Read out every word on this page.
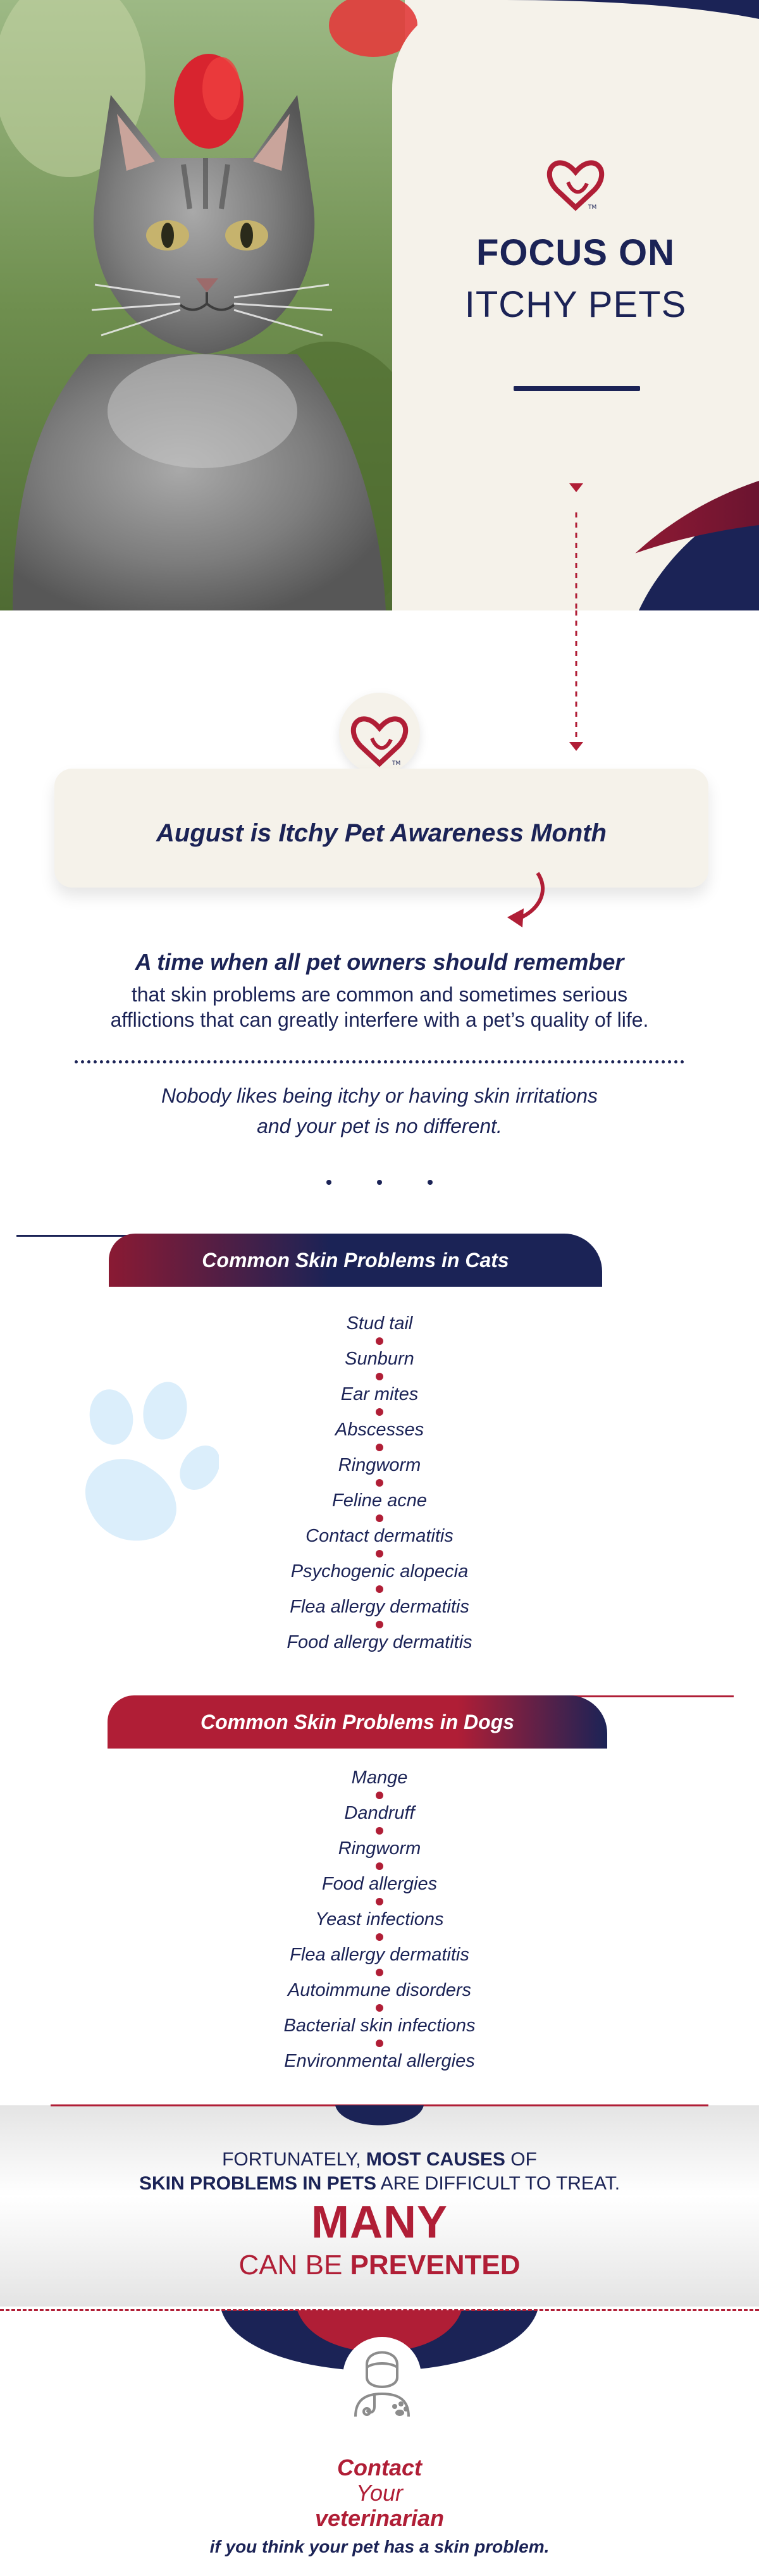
TM
FOCUS ON
ITCHY PETS
TM
August is Itchy Pet Awareness Month
A time when all pet owners should remember
that skin problems are common and sometimes serious
afflictions that can greatly interfere with a pet’s quality of life.
Nobody likes being itchy or having skin irritations
and your pet is no different.
Common Skin Problems in Cats
Stud tail
Sunburn
Ear mites
Abscesses
Ringworm
Feline acne
Contact dermatitis
Psychogenic alopecia
Flea allergy dermatitis
Food allergy dermatitis
Common Skin Problems in Dogs
Mange
Dandruff
Ringworm
Food allergies
Yeast infections
Flea allergy dermatitis
Autoimmune disorders
Bacterial skin infections
Environmental allergies
FORTUNATELY, MOST CAUSES OF
SKIN PROBLEMS IN PETS ARE DIFFICULT TO TREAT.
MANY
CAN BE PREVENTED
Contact
Your
veterinarian
if you think your pet has a skin problem.
